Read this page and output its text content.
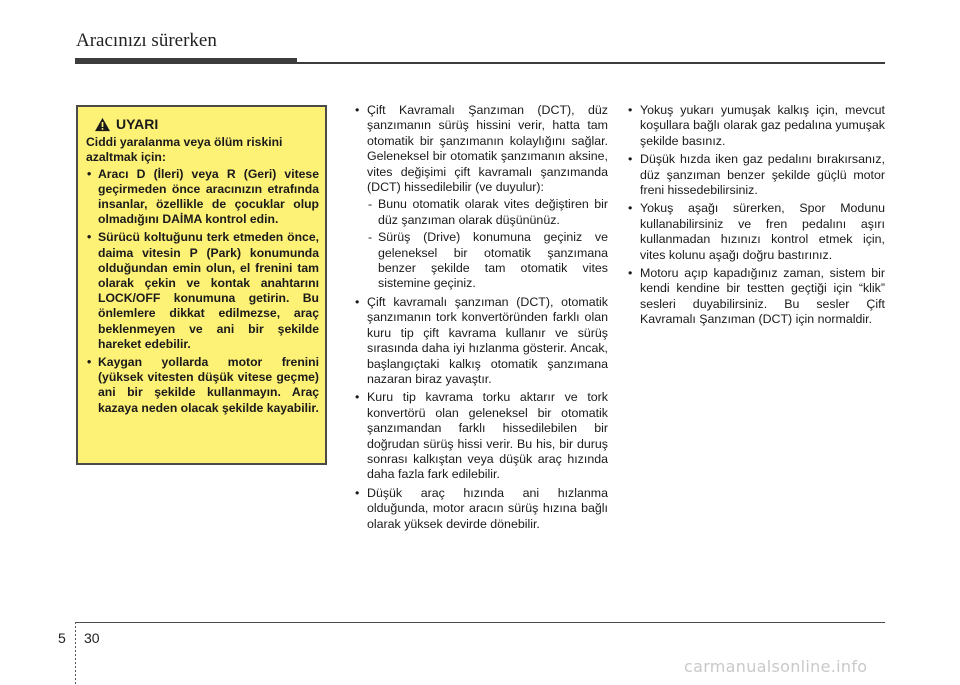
Aracınızı sürerken
UYARI
Ciddi yaralanma veya ölüm riskini azaltmak için:
• Aracı D (İleri) veya R (Geri) vitese geçirmeden önce aracınızın etrafında insanlar, özellikle de çocuklar olup olmadığını DAİMA kontrol edin.
• Sürücü koltuğunu terk etmeden önce, daima vitesin P (Park) konumunda olduğundan emin olun, el frenini tam olarak çekin ve kontak anahtarını LOCK/OFF konumuna getirin. Bu önlemlere dikkat edilmezse, araç beklenmeyen ve ani bir şekilde hareket edebilir.
• Kaygan yollarda motor frenini (yüksek vitesten düşük vitese geçme) ani bir şekilde kullanmayın. Araç kazaya neden olacak şekilde kayabilir.
• Çift Kavramalı Şanzıman (DCT), düz şanzımanın sürüş hissini verir, hatta tam otomatik bir şanzımanın kolaylığını sağlar. Geleneksel bir otomatik şanzımanın aksine, vites değişimi çift kavramalı şanzımanda (DCT) hissedilebilir (ve duyulur):
- Bunu otomatik olarak vites değiştiren bir düz şanzıman olarak düşününüz.
- Sürüş (Drive) konumuna geçiniz ve geleneksel bir otomatik şanzımana benzer şekilde tam otomatik vites sistemine geçiniz.
• Çift kavramalı şanzıman (DCT), otomatik şanzımanın tork konvertöründen farklı olan kuru tip çift kavrama kullanır ve sürüş sırasında daha iyi hızlanma gösterir. Ancak, başlangıçtaki kalkış otomatik şanzımana nazaran biraz yavaştır.
• Kuru tip kavrama torku aktarır ve tork konvertörü olan geleneksel bir otomatik şanzımandan farklı hissedilebilen bir doğrudan sürüş hissi verir. Bu his, bir duruş sonrası kalkıştan veya düşük araç hızında daha fazla fark edilebilir.
• Düşük araç hızında ani hızlanma olduğunda, motor aracın sürüş hızına bağlı olarak yüksek devirde dönebilir.
• Yokuş yukarı yumuşak kalkış için, mevcut koşullara bağlı olarak gaz pedalına yumuşak şekilde basınız.
• Düşük hızda iken gaz pedalını bırakırsanız, düz şanzıman benzer şekilde güçlü motor freni hissedebilirsiniz.
• Yokuş aşağı sürerken, Spor Modunu kullanabilirsiniz ve fren pedalını aşırı kullanmadan hızınızı kontrol etmek için, vites kolunu aşağı doğru bastırınız.
• Motoru açıp kapadığınız zaman, sistem bir kendi kendine bir testten geçtiği için “klik” sesleri duyabilirsiniz. Bu sesler Çift Kavramalı Şanzıman (DCT) için normaldir.
5 30
carmanualsonline.info
